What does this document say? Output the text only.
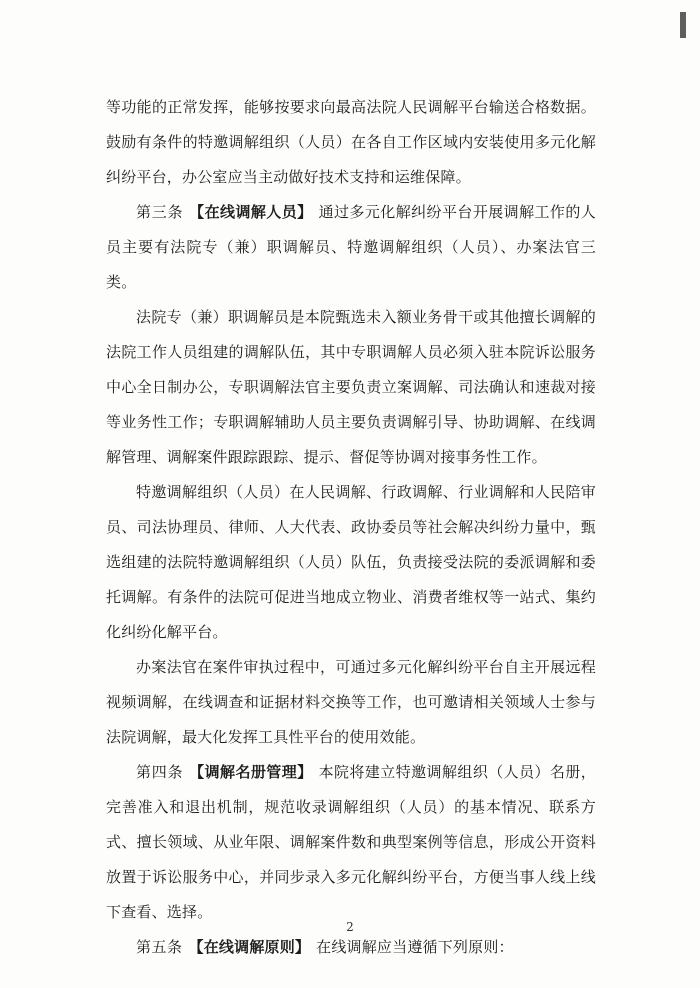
等功能的正常发挥，能够按要求向最高法院人民调解平台输送合格数据。鼓励有条件的特邀调解组织（人员）在各自工作区域内安装使用多元化解纠纷平台，办公室应当主动做好技术支持和运维保障。

第三条 【在线调解人员】 通过多元化解纠纷平台开展调解工作的人员主要有法院专（兼）职调解员、特邀调解组织（人员）、办案法官三类。

法院专（兼）职调解员是本院甄选未入额业务骨干或其他擅长调解的法院工作人员组建的调解队伍，其中专职调解人员必须入驻本院诉讼服务中心全日制办公，专职调解法官主要负责立案调解、司法确认和速裁对接等业务性工作；专职调解辅助人员主要负责调解引导、协助调解、在线调解管理、调解案件跟踪跟踪、提示、督促等协调对接事务性工作。

特邀调解组织（人员）在人民调解、行政调解、行业调解和人民陪审员、司法协理员、律师、人大代表、政协委员等社会解决纠纷力量中，甄选组建的法院特邀调解组织（人员）队伍，负责接受法院的委派调解和委托调解。有条件的法院可促进当地成立物业、消费者维权等一站式、集约化纠纷化解平台。

办案法官在案件审执过程中，可通过多元化解纠纷平台自主开展远程视频调解，在线调查和证据材料交换等工作，也可邀请相关领域人士参与法院调解，最大化发挥工具性平台的使用效能。

第四条 【调解名册管理】 本院将建立特邀调解组织（人员）名册，完善准入和退出机制，规范收录调解组织（人员）的基本情况、联系方式、擅长领域、从业年限、调解案件数和典型案例等信息，形成公开资料放置于诉讼服务中心，并同步录入多元化解纠纷平台，方便当事人线上线下查看、选择。

第五条 【在线调解原则】 在线调解应当遵循下列原则：

2
